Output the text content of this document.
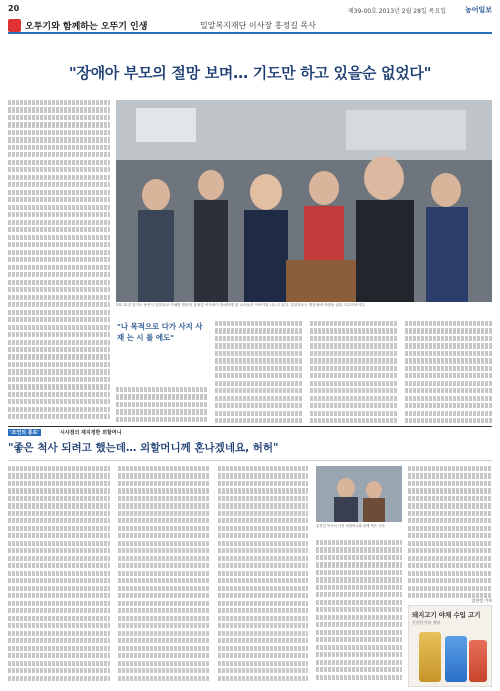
20	제39-00호 2013년 2월 28일 목요일	농어일보
오투기와 함께하는 오뚜기 인생	밀알복지재단 이사장 홍정길 목사
"장애아 부모의 절망 보며… 기도만 하고 있을순 없었다"
2월 12일 경기도 용인시 밀알학교 카페를 방문한 홍정길 이사장이 장애학생 및 교사들과 이야기를 나누고 있다. 밀알학교는 발달장애 학생을 위한 특수학교이다.
"나 목적으로 다가 사지 사 재 는 시 를 에도"
'조언의 통로'	시사점의 재지정한 외할머니
"좋은 척사 되려고 했는데… 외할머니께 혼나겠네요, 허허"
홍정길 목사의 사진 외할머니와 함께 찍은 사진
김연정 기자
돼지고기 야채 수입 고기
신선한 맛과 영양
